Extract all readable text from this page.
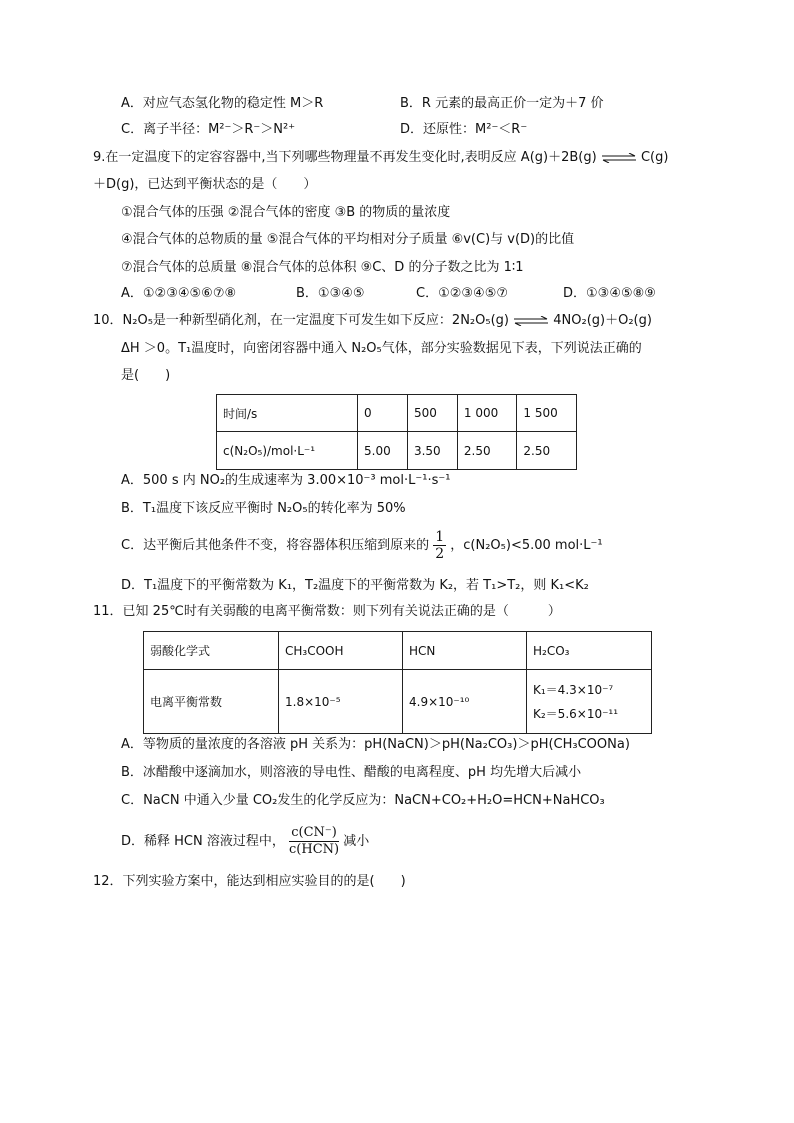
A．对应气态氢化物的稳定性 M＞R	B．R 元素的最高正价一定为＋7 价
C．离子半径：M²⁻＞R⁻＞N²⁺	D．还原性：M²⁻＜R⁻
9.在一定温度下的定容容器中,当下列哪些物理量不再发生变化时,表明反应 A(g)＋2B(g) ⇌ C(g)
＋D(g)，已达到平衡状态的是（　　）
①混合气体的压强 ②混合气体的密度 ③B 的物质的量浓度
④混合气体的总物质的量 ⑤混合气体的平均相对分子质量 ⑥v(C)与 v(D)的比值
⑦混合气体的总质量 ⑧混合气体的总体积 ⑨C、D 的分子数之比为 1∶1
A．①②③④⑤⑥⑦⑧	B．①③④⑤	C．①②③④⑤⑦	D．①③④⑤⑧⑨
10．N₂O₅是一种新型硝化剂，在一定温度下可发生如下反应：2N₂O₅(g) ⇌ 4NO₂(g)＋O₂(g)
ΔH ＞0。T₁温度时，向密闭容器中通入 N₂O₅气体，部分实验数据见下表，下列说法正确的
是(　　)
时间/s	0	500	1 000	1 500
c(N₂O₅)/mol·L⁻¹	5.00	3.50	2.50	2.50
A．500 s 内 NO₂的生成速率为 3.00×10⁻³ mol·L⁻¹·s⁻¹
B．T₁温度下该反应平衡时 N₂O₅的转化率为 50%
C．达平衡后其他条件不变，将容器体积压缩到原来的 $\frac{1}{2}$ ，c(N₂O₅)<5.00 mol·L⁻¹
D．T₁温度下的平衡常数为 K₁，T₂温度下的平衡常数为 K₂，若 T₁>T₂，则 K₁<K₂
11．已知 25℃时有关弱酸的电离平衡常数：则下列有关说法正确的是（　　　）
弱酸化学式	CH₃COOH	HCN	H₂CO₃
电离平衡常数	1.8×10⁻⁵	4.9×10⁻¹⁰	K₁＝4.3×10⁻⁷
K₂＝5.6×10⁻¹¹
A．等物质的量浓度的各溶液 pH 关系为：pH(NaCN)＞pH(Na₂CO₃)＞pH(CH₃COONa)
B．冰醋酸中逐滴加水，则溶液的导电性、醋酸的电离程度、pH 均先增大后减小
C．NaCN 中通入少量 CO₂发生的化学反应为：NaCN+CO₂+H₂O=HCN+NaHCO₃
D．稀释 HCN 溶液过程中， $\frac{c(CN^-)}{\text{c(HCN)}}$ 减小
12．下列实验方案中，能达到相应实验目的的是(　　)
